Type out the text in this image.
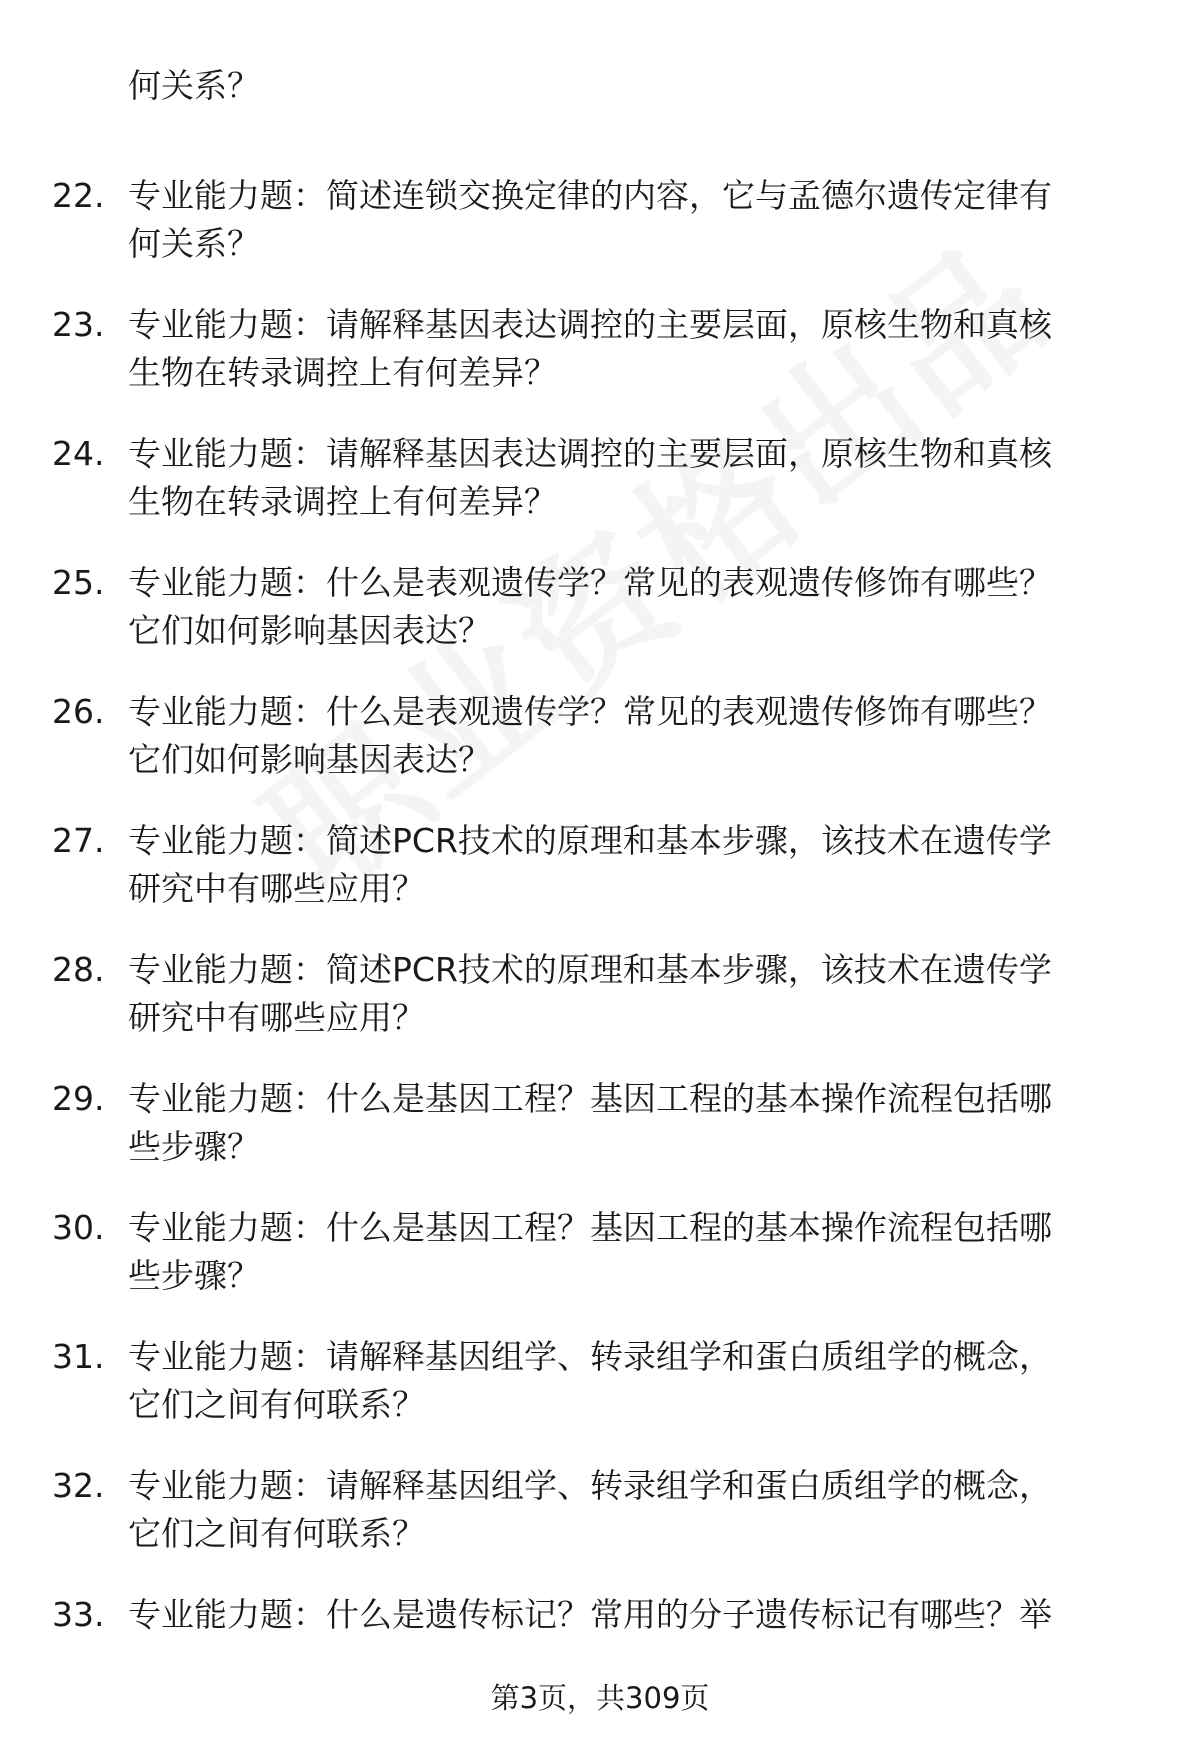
何关系？
22. 专业能力题：简述连锁交换定律的内容，它与孟德尔遗传定律有
何关系？
23. 专业能力题：请解释基因表达调控的主要层面，原核生物和真核
生物在转录调控上有何差异？
24. 专业能力题：请解释基因表达调控的主要层面，原核生物和真核
生物在转录调控上有何差异？
25. 专业能力题：什么是表观遗传学？常见的表观遗传修饰有哪些？
它们如何影响基因表达？
26. 专业能力题：什么是表观遗传学？常见的表观遗传修饰有哪些？
它们如何影响基因表达？
27. 专业能力题：简述PCR技术的原理和基本步骤，该技术在遗传学
研究中有哪些应用？
28. 专业能力题：简述PCR技术的原理和基本步骤，该技术在遗传学
研究中有哪些应用？
29. 专业能力题：什么是基因工程？基因工程的基本操作流程包括哪
些步骤？
30. 专业能力题：什么是基因工程？基因工程的基本操作流程包括哪
些步骤？
31. 专业能力题：请解释基因组学、转录组学和蛋白质组学的概念，
它们之间有何联系？
32. 专业能力题：请解释基因组学、转录组学和蛋白质组学的概念，
它们之间有何联系？
33. 专业能力题：什么是遗传标记？常用的分子遗传标记有哪些？举
第3页，共309页
